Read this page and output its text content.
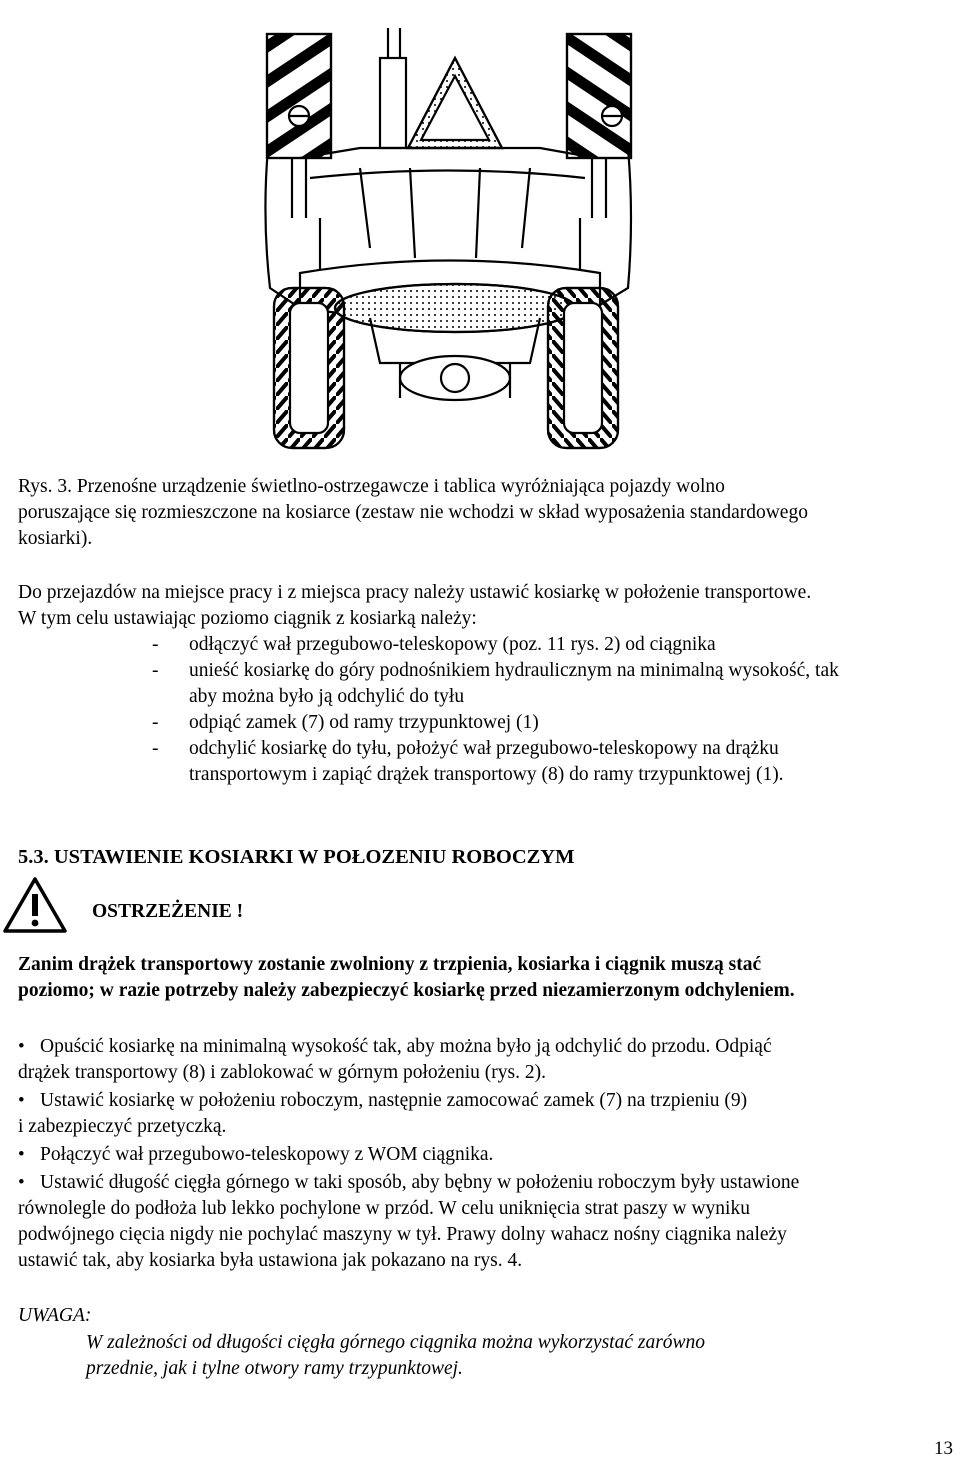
Rys. 3. Przenośne urządzenie świetlno-ostrzegawcze i tablica wyróżniająca pojazdy wolno
poruszające się rozmieszczone na kosiarce (zestaw nie wchodzi w skład wyposażenia standardowego
kosiarki).
Do przejazdów na miejsce pracy i z miejsca pracy należy ustawić kosiarkę w położenie transportowe.
W tym celu ustawiając poziomo ciągnik z kosiarką należy:
- odłączyć wał przegubowo-teleskopowy (poz. 11 rys. 2) od ciągnika
- unieść kosiarkę do góry podnośnikiem hydraulicznym na minimalną wysokość, tak
aby można było ją odchylić do tyłu
- odpiąć zamek (7) od ramy trzypunktowej (1)
- odchylić kosiarkę do tyłu, położyć wał przegubowo-teleskopowy na drążku
transportowym i zapiąć drążek transportowy (8) do ramy trzypunktowej (1).
5.3. USTAWIENIE KOSIARKI W POŁOZENIU ROBOCZYM
OSTRZEŻENIE !
Zanim drążek transportowy zostanie zwolniony z trzpienia, kosiarka i ciągnik muszą stać
poziomo; w razie potrzeby należy zabezpieczyć kosiarkę przed niezamierzonym odchyleniem.
• Opuścić kosiarkę na minimalną wysokość tak, aby można było ją odchylić do przodu. Odpiąć
drążek transportowy (8) i zablokować w górnym położeniu (rys. 2).
• Ustawić kosiarkę w położeniu roboczym, następnie zamocować zamek (7) na trzpieniu (9)
i zabezpieczyć przetyczką.
• Połączyć wał przegubowo-teleskopowy z WOM ciągnika.
• Ustawić długość cięgła górnego w taki sposób, aby bębny w położeniu roboczym były ustawione
równolegle do podłoża lub lekko pochylone w przód. W celu uniknięcia strat paszy w wyniku
podwójnego cięcia nigdy nie pochylać maszyny w tył. Prawy dolny wahacz nośny ciągnika należy
ustawić tak, aby kosiarka była ustawiona jak pokazano na rys. 4.
UWAGA:
W zależności od długości cięgła górnego ciągnika można wykorzystać zarówno
przednie, jak i tylne otwory ramy trzypunktowej.
13
